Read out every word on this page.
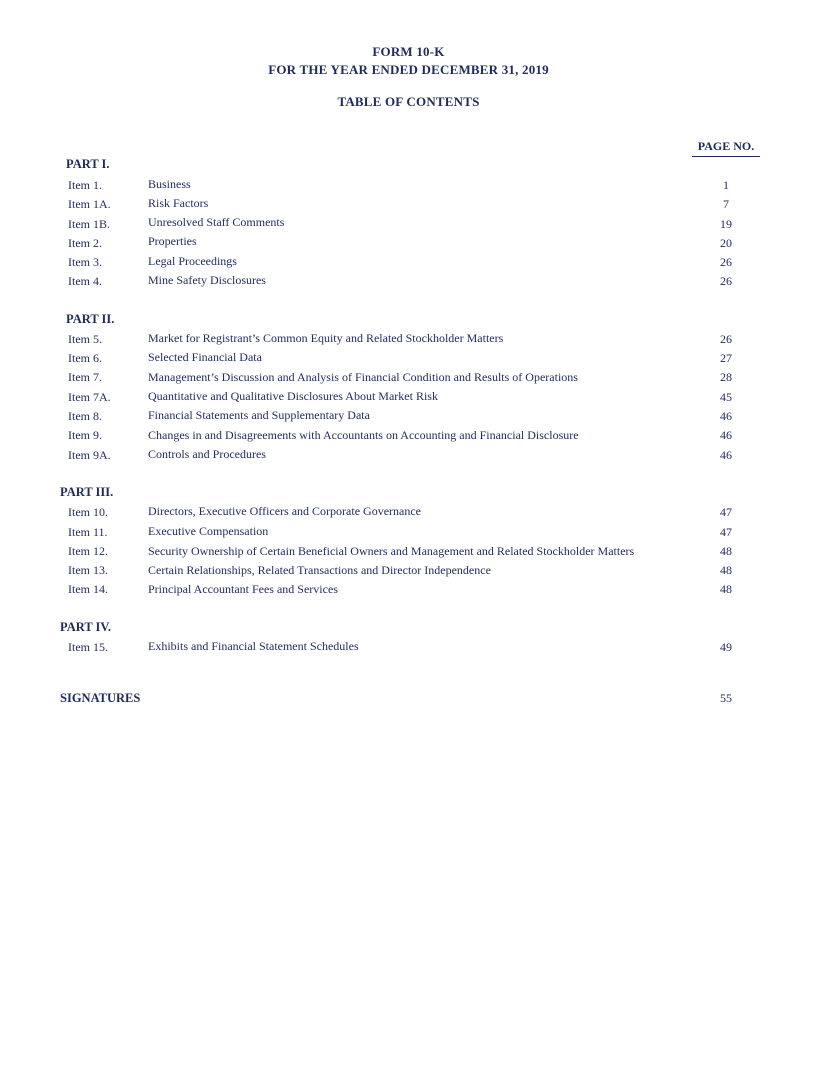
FORM 10-K
FOR THE YEAR ENDED DECEMBER 31, 2019
TABLE OF CONTENTS
PAGE NO.
PART I.
Item 1.	Business	1
Item 1A.	Risk Factors	7
Item 1B.	Unresolved Staff Comments	19
Item 2.	Properties	20
Item 3.	Legal Proceedings	26
Item 4.	Mine Safety Disclosures	26
PART II.
Item 5.	Market for Registrant’s Common Equity and Related Stockholder Matters	26
Item 6.	Selected Financial Data	27
Item 7.	Management’s Discussion and Analysis of Financial Condition and Results of Operations	28
Item 7A.	Quantitative and Qualitative Disclosures About Market Risk	45
Item 8.	Financial Statements and Supplementary Data	46
Item 9.	Changes in and Disagreements with Accountants on Accounting and Financial Disclosure	46
Item 9A.	Controls and Procedures	46
PART III.
Item 10.	Directors, Executive Officers and Corporate Governance	47
Item 11.	Executive Compensation	47
Item 12.	Security Ownership of Certain Beneficial Owners and Management and Related Stockholder Matters	48
Item 13.	Certain Relationships, Related Transactions and Director Independence	48
Item 14.	Principal Accountant Fees and Services	48
PART IV.
Item 15.	Exhibits and Financial Statement Schedules	49
SIGNATURES	55
